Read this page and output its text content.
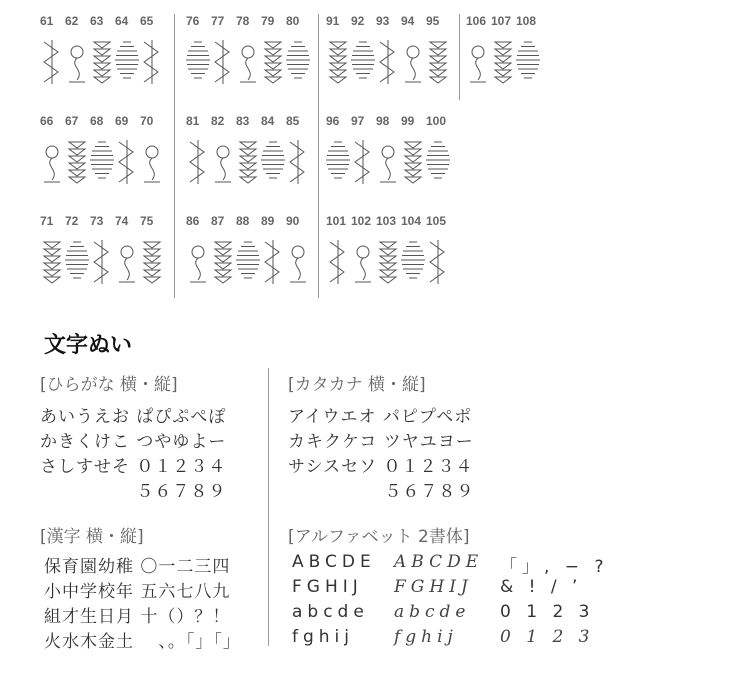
61 62 63 64 65
66 67 68 69 70
71 72 73 74 75
76 77 78 79 80
81 82 83 84 85
86 87 88 89 90
91 92 93 94 95
96 97 98 99 100
101 102 103 104 105
106 107 108
文字ぬい
[ひらがな 横・縦]
あいうえお ぱぴぷぺぽ
かきくけこ つやゆよー
さしすせそ ０１２３４
　　　　　 ５６７８９
[カタカナ 横・縦]
アイウエオ パピプペポ
カキクケコ ツヤユヨー
サシスセソ ０１２３４
　　　　　 ５６７８９
[漢字 横・縦]
保育園幼稚 〇一二三四
小中学校年 五六七八九
組才生日月 十（）？！
火水木金土　 、。「」「」
[アルファベット 2書体]
ABCDE ABCDE 「」, − ?
FGHIJ FGHIJ & ! / ’
abcde abcde 0 1 2 3
fghij fghij 0 1 2 3
